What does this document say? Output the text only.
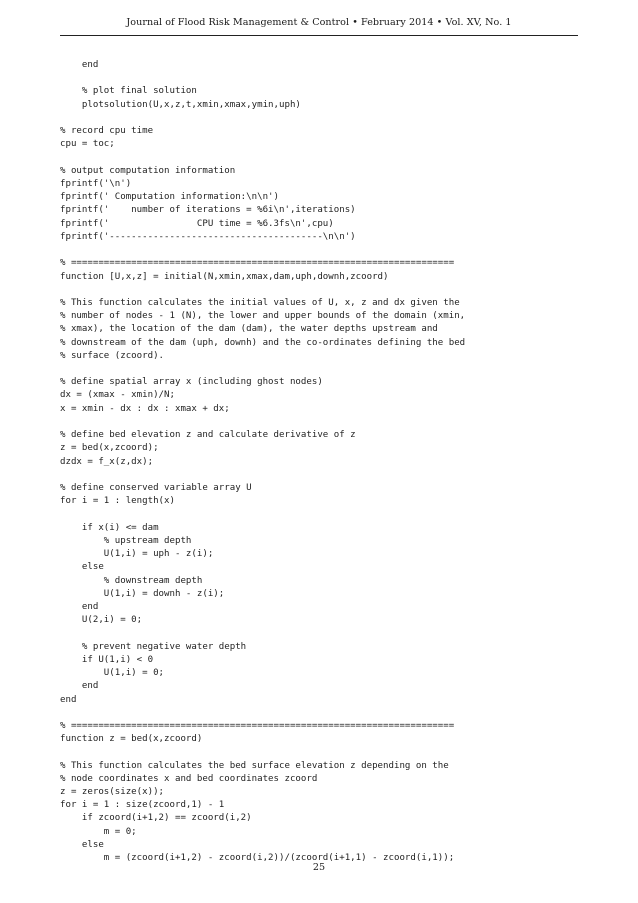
Journal of Flood Risk Management & Control • February 2014 • Vol. XV, No. 1
end
% plot final solution
plotsolution(U,x,z,t,xmin,xmax,ymin,uph)
% record cpu time
cpu = toc;
% output computation information
fprintf('\n')
fprintf(' Computation information:\n\n')
fprintf('    number of iterations = %6i\n',iterations)
fprintf('                CPU time = %6.3fs\n',cpu)
fprintf('---------------------------------------\n\n')
% ======================================================================
function [U,x,z] = initial(N,xmin,xmax,dam,uph,downh,zcoord)
% This function calculates the initial values of U, x, z and dx given the
% number of nodes - 1 (N), the lower and upper bounds of the domain (xmin,
% xmax), the location of the dam (dam), the water depths upstream and
% downstream of the dam (uph, downh) and the co-ordinates defining the bed
% surface (zcoord).
% define spatial array x (including ghost nodes)
dx = (xmax - xmin)/N;
x = xmin - dx : dx : xmax + dx;
% define bed elevation z and calculate derivative of z
z = bed(x,zcoord);
dzdx = f_x(z,dx);
% define conserved variable array U
for i = 1 : length(x)
if x(i) <= dam
% upstream depth
U(1,i) = uph - z(i);
else
% downstream depth
U(1,i) = downh - z(i);
end
U(2,i) = 0;
% prevent negative water depth
if U(1,i) < 0
U(1,i) = 0;
end
end
% ======================================================================
function z = bed(x,zcoord)
% This function calculates the bed surface elevation z depending on the
% node coordinates x and bed coordinates zcoord
z = zeros(size(x));
for i = 1 : size(zcoord,1) - 1
if zcoord(i+1,2) == zcoord(i,2)
m = 0;
else
m = (zcoord(i+1,2) - zcoord(i,2))/(zcoord(i+1,1) - zcoord(i,1));
25
